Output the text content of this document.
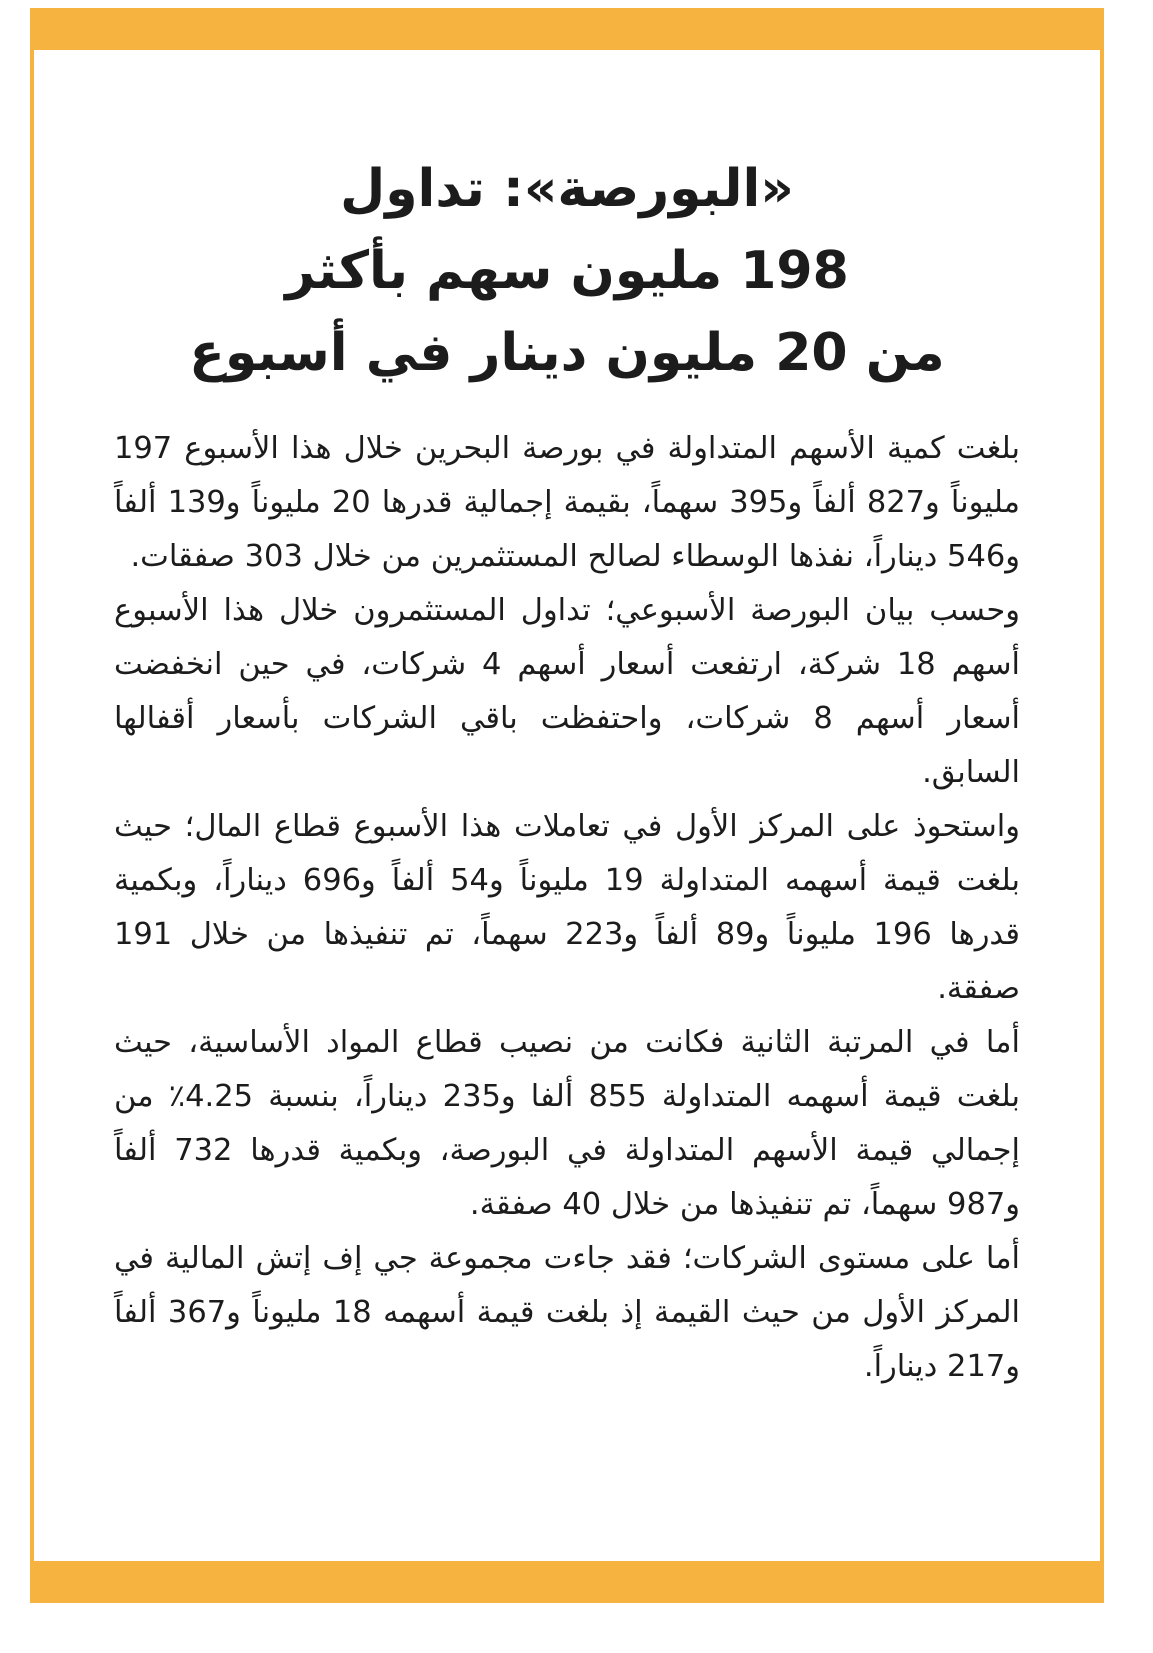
«البورصة»: تداول
198 مليون سهم بأكثر
من 20 مليون دينار في أسبوع

بلغت كمية الأسهم المتداولة في بورصة البحرين خلال هذا الأسبوع 197 مليوناً و827 ألفاً و395 سهماً، بقيمة إجمالية قدرها 20 مليوناً و139 ألفاً و546 ديناراً، نفذها الوسطاء لصالح المستثمرين من خلال 303 صفقات.

وحسب بيان البورصة الأسبوعي؛ تداول المستثمرون خلال هذا الأسبوع أسهم 18 شركة، ارتفعت أسعار أسهم 4 شركات، في حين انخفضت أسعار أسهم 8 شركات، واحتفظت باقي الشركات بأسعار أقفالها السابق.

واستحوذ على المركز الأول في تعاملات هذا الأسبوع قطاع المال؛ حيث بلغت قيمة أسهمه المتداولة 19 مليوناً و54 ألفاً و696 ديناراً، وبكمية قدرها 196 مليوناً و89 ألفاً و223 سهماً، تم تنفيذها من خلال 191 صفقة.

أما في المرتبة الثانية فكانت من نصيب قطاع المواد الأساسية، حيث بلغت قيمة أسهمه المتداولة 855 ألفا و235 ديناراً، بنسبة 4.25٪ من إجمالي قيمة الأسهم المتداولة في البورصة، وبكمية قدرها 732 ألفاً و987 سهماً، تم تنفيذها من خلال 40 صفقة.

أما على مستوى الشركات؛ فقد جاءت مجموعة جي إف إتش المالية في المركز الأول من حيث القيمة إذ بلغت قيمة أسهمه 18 مليوناً و367 ألفاً و217 ديناراً.
